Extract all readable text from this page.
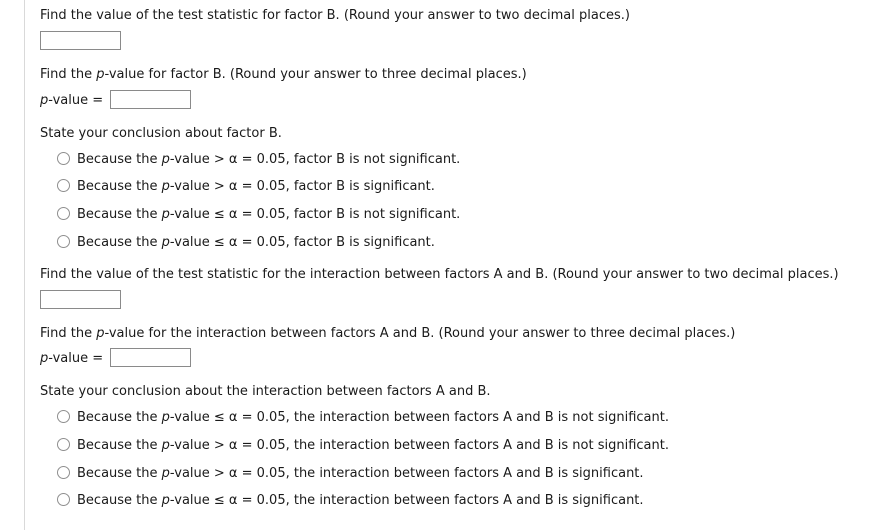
Find the value of the test statistic for factor B. (Round your answer to two decimal places.)
Find the p-value for factor B. (Round your answer to three decimal places.)
p-value =
State your conclusion about factor B.
Because the p-value > α = 0.05, factor B is not significant.
Because the p-value > α = 0.05, factor B is significant.
Because the p-value ≤ α = 0.05, factor B is not significant.
Because the p-value ≤ α = 0.05, factor B is significant.
Find the value of the test statistic for the interaction between factors A and B. (Round your answer to two decimal places.)
Find the p-value for the interaction between factors A and B. (Round your answer to three decimal places.)
p-value =
State your conclusion about the interaction between factors A and B.
Because the p-value ≤ α = 0.05, the interaction between factors A and B is not significant.
Because the p-value > α = 0.05, the interaction between factors A and B is not significant.
Because the p-value > α = 0.05, the interaction between factors A and B is significant.
Because the p-value ≤ α = 0.05, the interaction between factors A and B is significant.
